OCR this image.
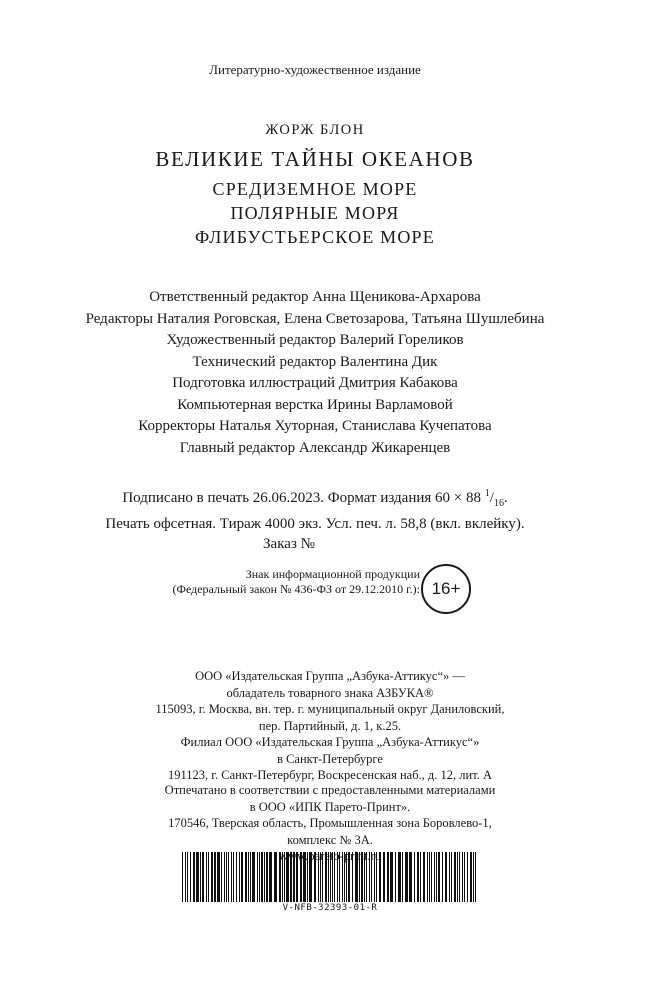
Литературно-художественное издание
ЖОРЖ БЛОН
ВЕЛИКИЕ ТАЙНЫ ОКЕАНОВ
СРЕДИЗЕМНОЕ МОРЕ
ПОЛЯРНЫЕ МОРЯ
ФЛИБУСТЬЕРСКОЕ МОРЕ
Ответственный редактор Анна Щеникова-Архарова
Редакторы Наталия Роговская, Елена Светозарова, Татьяна Шушлебина
Художественный редактор Валерий Гореликов
Технический редактор Валентина Дик
Подготовка иллюстраций Дмитрия Кабакова
Компьютерная верстка Ирины Варламовой
Корректоры Наталья Хуторная, Станислава Кучепатова
Главный редактор Александр Жикаренцев
Подписано в печать 26.06.2023. Формат издания 60 × 88 $^1/_{16}$.
Печать офсетная. Тираж 4000 экз. Усл. печ. л. 58,8 (вкл. вклейку).
Заказ №
Знак информационной продукции
(Федеральный закон № 436-ФЗ от 29.12.2010 г.): 16+
ООО «Издательская Группа „Азбука-Аттикус“» —
обладатель товарного знака АЗБУКА®
115093, г. Москва, вн. тер. г. муниципальный округ Даниловский,
пер. Партийный, д. 1, к.25.
Филиал ООО «Издательская Группа „Азбука-Аттикус“»
в Санкт-Петербурге
191123, г. Санкт-Петербург, Воскресенская наб., д. 12, лит. А
Отпечатано в соответствии с предоставленными материалами
в ООО «ИПК Парето-Принт».
170546, Тверская область, Промышленная зона Боровлево-1,
комплекс № 3А.
V-NFB-32393-01-R
